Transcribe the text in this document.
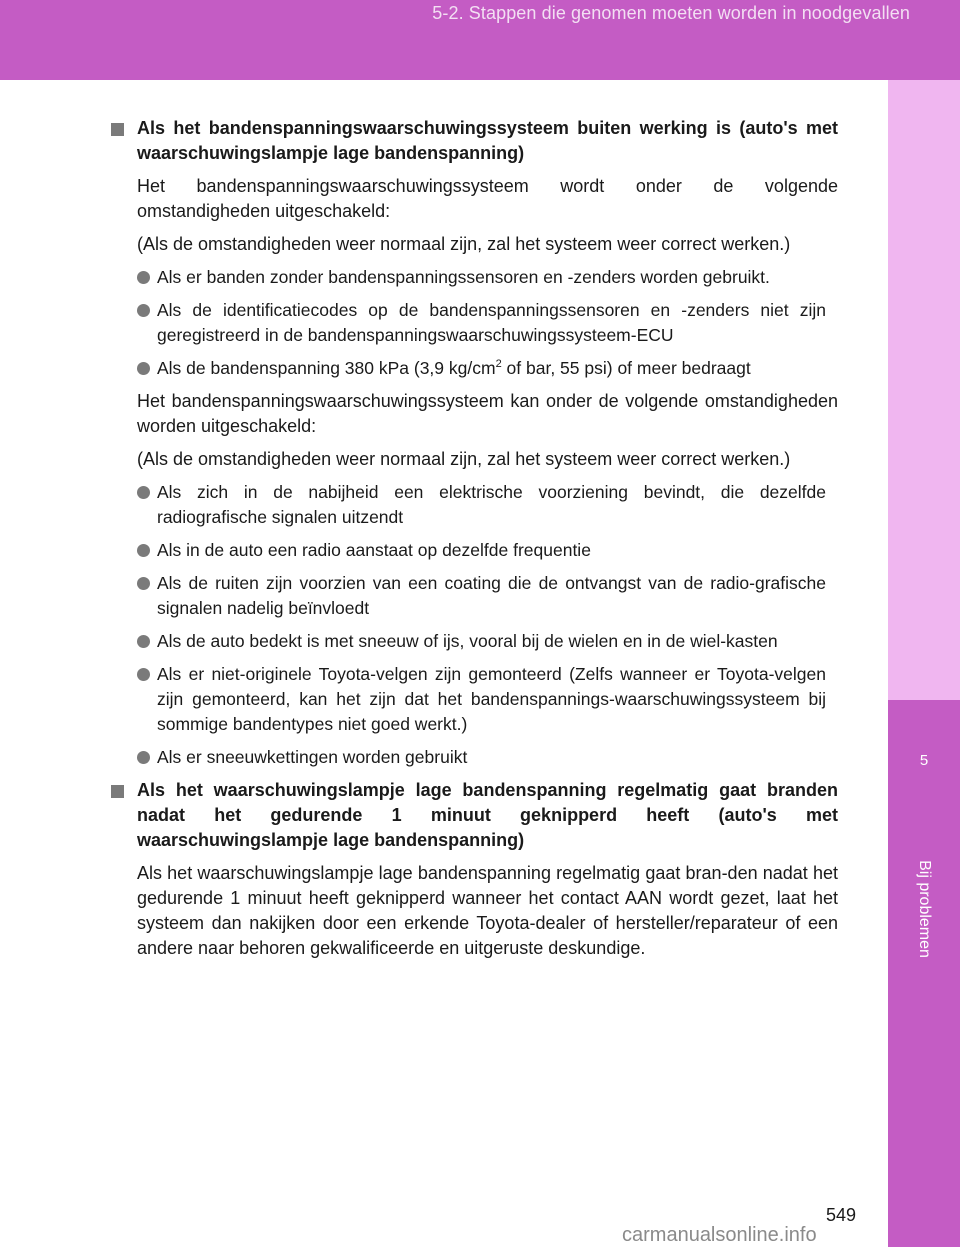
5-2. Stappen die genomen moeten worden in noodgevallen
5
Bij problemen
Als het bandenspanningswaarschuwingssysteem buiten werking is (auto's met waarschuwingslampje lage bandenspanning)
Het bandenspanningswaarschuwingssysteem wordt onder de volgende omstandigheden uitgeschakeld:
(Als de omstandigheden weer normaal zijn, zal het systeem weer correct werken.)
Als er banden zonder bandenspanningssensoren en -zenders worden gebruikt.
Als de identificatiecodes op de bandenspanningssensoren en -zenders niet zijn geregistreerd in de bandenspanningswaarschuwingssysteem-ECU
Als de bandenspanning 380 kPa (3,9 $kg/cm^2$ of bar, 55 psi) of meer bedraagt
Het bandenspanningswaarschuwingssysteem kan onder de volgende omstandigheden worden uitgeschakeld:
(Als de omstandigheden weer normaal zijn, zal het systeem weer correct werken.)
Als zich in de nabijheid een elektrische voorziening bevindt, die dezelfde radiografische signalen uitzendt
Als in de auto een radio aanstaat op dezelfde frequentie
Als de ruiten zijn voorzien van een coating die de ontvangst van de radio-grafische signalen nadelig beïnvloedt
Als de auto bedekt is met sneeuw of ijs, vooral bij de wielen en in de wiel-kasten
Als er niet-originele Toyota-velgen zijn gemonteerd (Zelfs wanneer er Toyota-velgen zijn gemonteerd, kan het zijn dat het bandenspannings-waarschuwingssysteem bij sommige bandentypes niet goed werkt.)
Als er sneeuwkettingen worden gebruikt
Als het waarschuwingslampje lage bandenspanning regelmatig gaat branden nadat het gedurende 1 minuut geknipperd heeft (auto's met waarschuwingslampje lage bandenspanning)
Als het waarschuwingslampje lage bandenspanning regelmatig gaat bran-den nadat het gedurende 1 minuut heeft geknipperd wanneer het contact AAN wordt gezet, laat het systeem dan nakijken door een erkende Toyota-dealer of hersteller/reparateur of een andere naar behoren gekwalificeerde en uitgeruste deskundige.
549
carmanualsonline.info
